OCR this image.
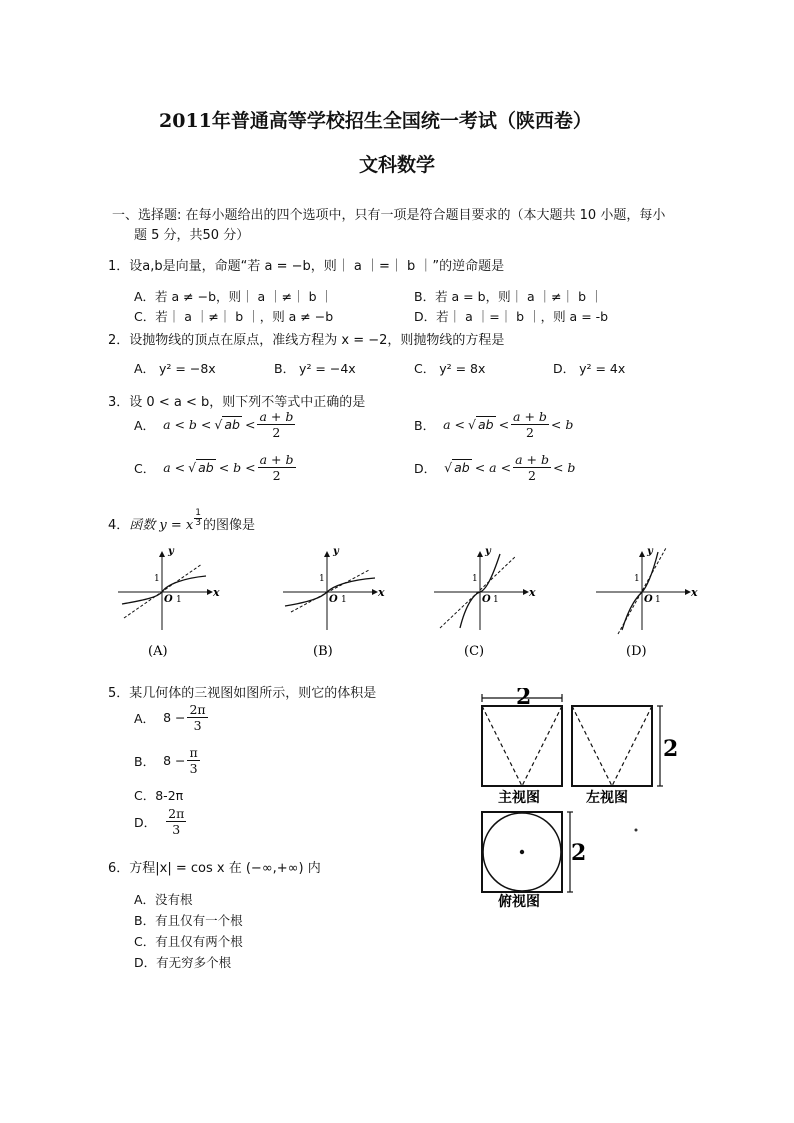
2011年普通高等学校招生全国统一考试（陕西卷）
文科数学
一、选择题: 在每小题给出的四个选项中，只有一项是符合题目要求的（本大题共 10 小题，每小
题 5 分，共50 分）
1．设a,b是向量，命题“若 a = −b，则｜ a ｜=｜ b ｜”的逆命题是
A．若 a ≠ −b，则｜ a ｜≠｜ b ｜	B．若 a = b，则｜ a ｜≠｜ b ｜
C．若｜ a ｜≠｜ b ｜，则 a ≠ −b	D．若｜ a ｜=｜ b ｜，则 a = -b
2．设抛物线的顶点在原点，准线方程为 x = −2，则抛物线的方程是
A． y² = −8x	B． y² = −4x	C． y² = 8x	D． y² = 4x
3．设 0 < a < b，则下列不等式中正确的是
A． a < b < √ ab < $\frac{a + b}{2}$	B． a < √ ab < $\frac{a + b}{2} < b$
C． a < √ ab < $b < \frac{a + b}{2}$	D． √ ab < $a < \frac{a + b}{2} < b$
4．函数 y = x $\frac{1}{3}$ 的图像是
y
x
O 1
1
(A)
y
x
O 1
1
(B)
y
x
O 1
1
(C)
y
x
O 1
1
(D)
5．某几何体的三视图如图所示，则它的体积是
A． $8 - \frac{2\pi}{3}$
B． $8 - \frac{\pi}{3}$
C．8-2π
D． $\frac{2\pi}{3}$
2
主视图
2
左视图
2
俯视图
6．方程|x| = cos x 在 (−∞,+∞) 内
A．没有根
B．有且仅有一个根
C．有且仅有两个根
D．有无穷多个根
